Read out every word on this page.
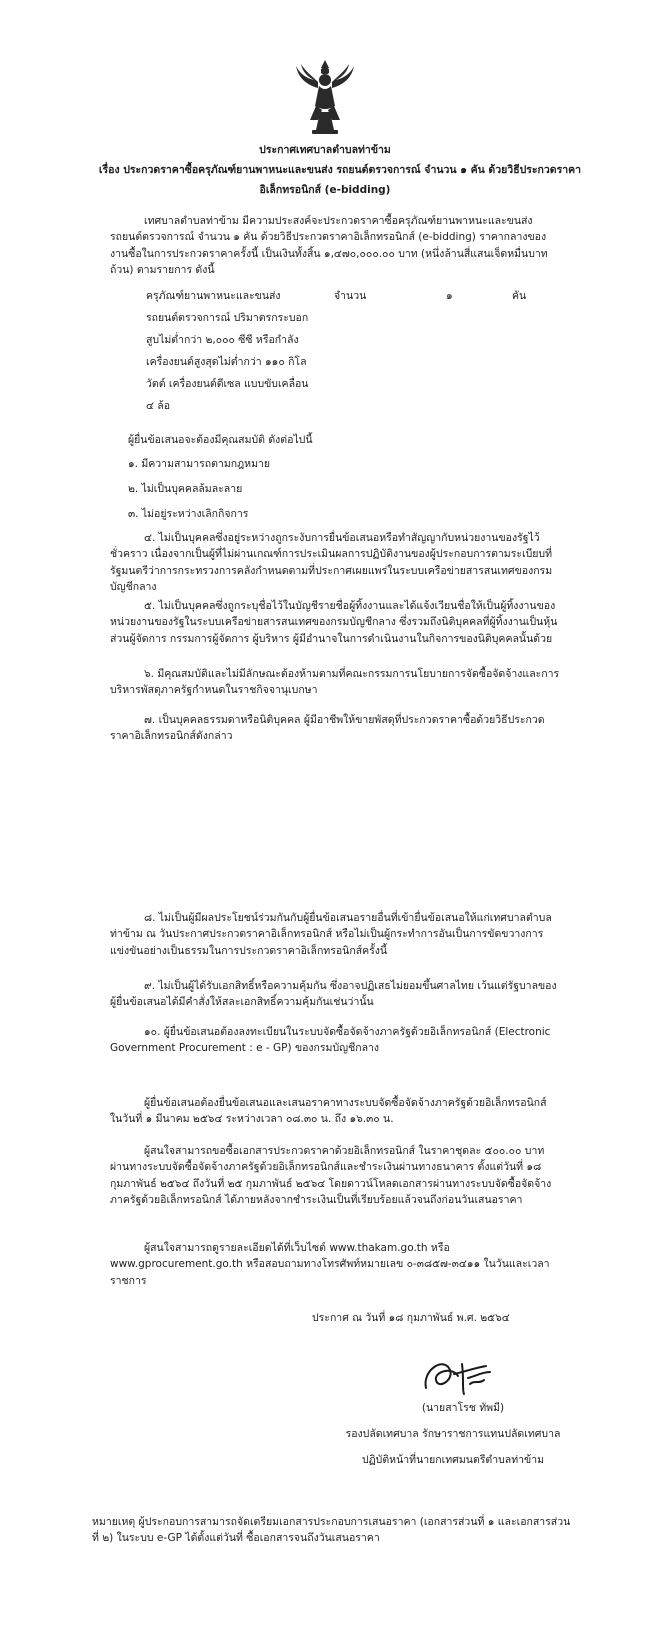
ประกาศเทศบาลตำบลท่าข้าม
เรื่อง ประกวดราคาซื้อครุภัณฑ์ยานพาหนะและขนส่ง รถยนต์ตรวจการณ์ จำนวน ๑ คัน ด้วยวิธีประกวดราคา
อิเล็กทรอนิกส์ (e-bidding)
เทศบาลตำบลท่าข้าม มีความประสงค์จะประกวดราคาซื้อครุภัณฑ์ยานพาหนะและขนส่ง รถยนต์ตรวจการณ์ จำนวน ๑ คัน ด้วยวิธีประกวดราคาอิเล็กทรอนิกส์ (e-bidding) ราคากลางของงานซื้อในการประกวดราคาครั้งนี้ เป็นเงินทั้งสิ้น ๑,๔๗๐,๐๐๐.๐๐ บาท (หนึ่งล้านสี่แสนเจ็ดหมื่นบาทถ้วน) ตามรายการ ดังนี้
ครุภัณฑ์ยานพาหนะและขนส่ง
รถยนต์ตรวจการณ์ ปริมาตรกระบอก
สูบไม่ต่ำกว่า ๒,๐๐๐ ซีซี หรือกำลัง
เครื่องยนต์สูงสุดไม่ต่ำกว่า ๑๑๐ กิโล
วัตต์ เครื่องยนต์ดีเซล แบบขับเคลื่อน
๔ ล้อ
จำนวน	๑	คัน
ผู้ยื่นข้อเสนอจะต้องมีคุณสมบัติ ดังต่อไปนี้
๑. มีความสามารถตามกฎหมาย
๒. ไม่เป็นบุคคลล้มละลาย
๓. ไม่อยู่ระหว่างเลิกกิจการ
๔. ไม่เป็นบุคคลซึ่งอยู่ระหว่างถูกระงับการยื่นข้อเสนอหรือทำสัญญากับหน่วยงานของรัฐไว้ชั่วคราว เนื่องจากเป็นผู้ที่ไม่ผ่านเกณฑ์การประเมินผลการปฏิบัติงานของผู้ประกอบการตามระเบียบที่รัฐมนตรีว่าการกระทรวงการคลังกำหนดตามที่ประกาศเผยแพร่ในระบบเครือข่ายสารสนเทศของกรมบัญชีกลาง
๕. ไม่เป็นบุคคลซึ่งถูกระบุชื่อไว้ในบัญชีรายชื่อผู้ทิ้งงานและได้แจ้งเวียนชื่อให้เป็นผู้ทิ้งงานของหน่วยงานของรัฐในระบบเครือข่ายสารสนเทศของกรมบัญชีกลาง ซึ่งรวมถึงนิติบุคคลที่ผู้ทิ้งงานเป็นหุ้นส่วนผู้จัดการ กรรมการผู้จัดการ ผู้บริหาร ผู้มีอำนาจในการดำเนินงานในกิจการของนิติบุคคลนั้นด้วย
๖. มีคุณสมบัติและไม่มีลักษณะต้องห้ามตามที่คณะกรรมการนโยบายการจัดซื้อจัดจ้างและการบริหารพัสดุภาครัฐกำหนดในราชกิจจานุเบกษา
๗. เป็นบุคคลธรรมดาหรือนิติบุคคล ผู้มีอาชีพให้ขายพัสดุที่ประกวดราคาซื้อด้วยวิธีประกวดราคาอิเล็กทรอนิกส์ดังกล่าว
๘. ไม่เป็นผู้มีผลประโยชน์ร่วมกันกับผู้ยื่นข้อเสนอรายอื่นที่เข้ายื่นข้อเสนอให้แก่เทศบาลตำบลท่าข้าม ณ วันประกาศประกวดราคาอิเล็กทรอนิกส์ หรือไม่เป็นผู้กระทำการอันเป็นการขัดขวางการแข่งขันอย่างเป็นธรรมในการประกวดราคาอิเล็กทรอนิกส์ครั้งนี้
๙. ไม่เป็นผู้ได้รับเอกสิทธิ์หรือความคุ้มกัน ซึ่งอาจปฏิเสธไม่ยอมขึ้นศาลไทย เว้นแต่รัฐบาลของผู้ยื่นข้อเสนอได้มีคำสั่งให้สละเอกสิทธิ์ความคุ้มกันเช่นว่านั้น
๑๐. ผู้ยื่นข้อเสนอต้องลงทะเบียนในระบบจัดซื้อจัดจ้างภาครัฐด้วยอิเล็กทรอนิกส์ (Electronic Government Procurement : e - GP) ของกรมบัญชีกลาง
ผู้ยื่นข้อเสนอต้องยื่นข้อเสนอและเสนอราคาทางระบบจัดซื้อจัดจ้างภาครัฐด้วยอิเล็กทรอนิกส์ ในวันที่ ๑ มีนาคม ๒๕๖๔ ระหว่างเวลา ๐๘.๓๐ น. ถึง ๑๖.๓๐ น.
ผู้สนใจสามารถขอซื้อเอกสารประกวดราคาด้วยอิเล็กทรอนิกส์ ในราคาชุดละ ๕๐๐.๐๐ บาท ผ่านทางระบบจัดซื้อจัดจ้างภาครัฐด้วยอิเล็กทรอนิกส์และชำระเงินผ่านทางธนาคาร ตั้งแต่วันที่ ๑๘ กุมภาพันธ์ ๒๕๖๔ ถึงวันที่ ๒๕ กุมภาพันธ์ ๒๕๖๔ โดยดาวน์โหลดเอกสารผ่านทางระบบจัดซื้อจัดจ้างภาครัฐด้วยอิเล็กทรอนิกส์ ได้ภายหลังจากชำระเงินเป็นที่เรียบร้อยแล้วจนถึงก่อนวันเสนอราคา
ผู้สนใจสามารถดูรายละเอียดได้ที่เว็บไซต์ www.thakam.go.th หรือ www.gprocurement.go.th หรือสอบถามทางโทรศัพท์หมายเลข ๐-๓๘๕๗-๓๔๑๑ ในวันและเวลาราชการ
ประกาศ ณ วันที่ ๑๘ กุมภาพันธ์ พ.ศ. ๒๕๖๔
(นายสาโรช ทัพมี)
รองปลัดเทศบาล รักษาราชการแทนปลัดเทศบาล
ปฏิบัติหน้าที่นายกเทศมนตรีตำบลท่าข้าม
หมายเหตุ ผู้ประกอบการสามารถจัดเตรียมเอกสารประกอบการเสนอราคา (เอกสารส่วนที่ ๑ และเอกสารส่วนที่ ๒) ในระบบ e-GP ได้ตั้งแต่วันที่ ซื้อเอกสารจนถึงวันเสนอราคา
